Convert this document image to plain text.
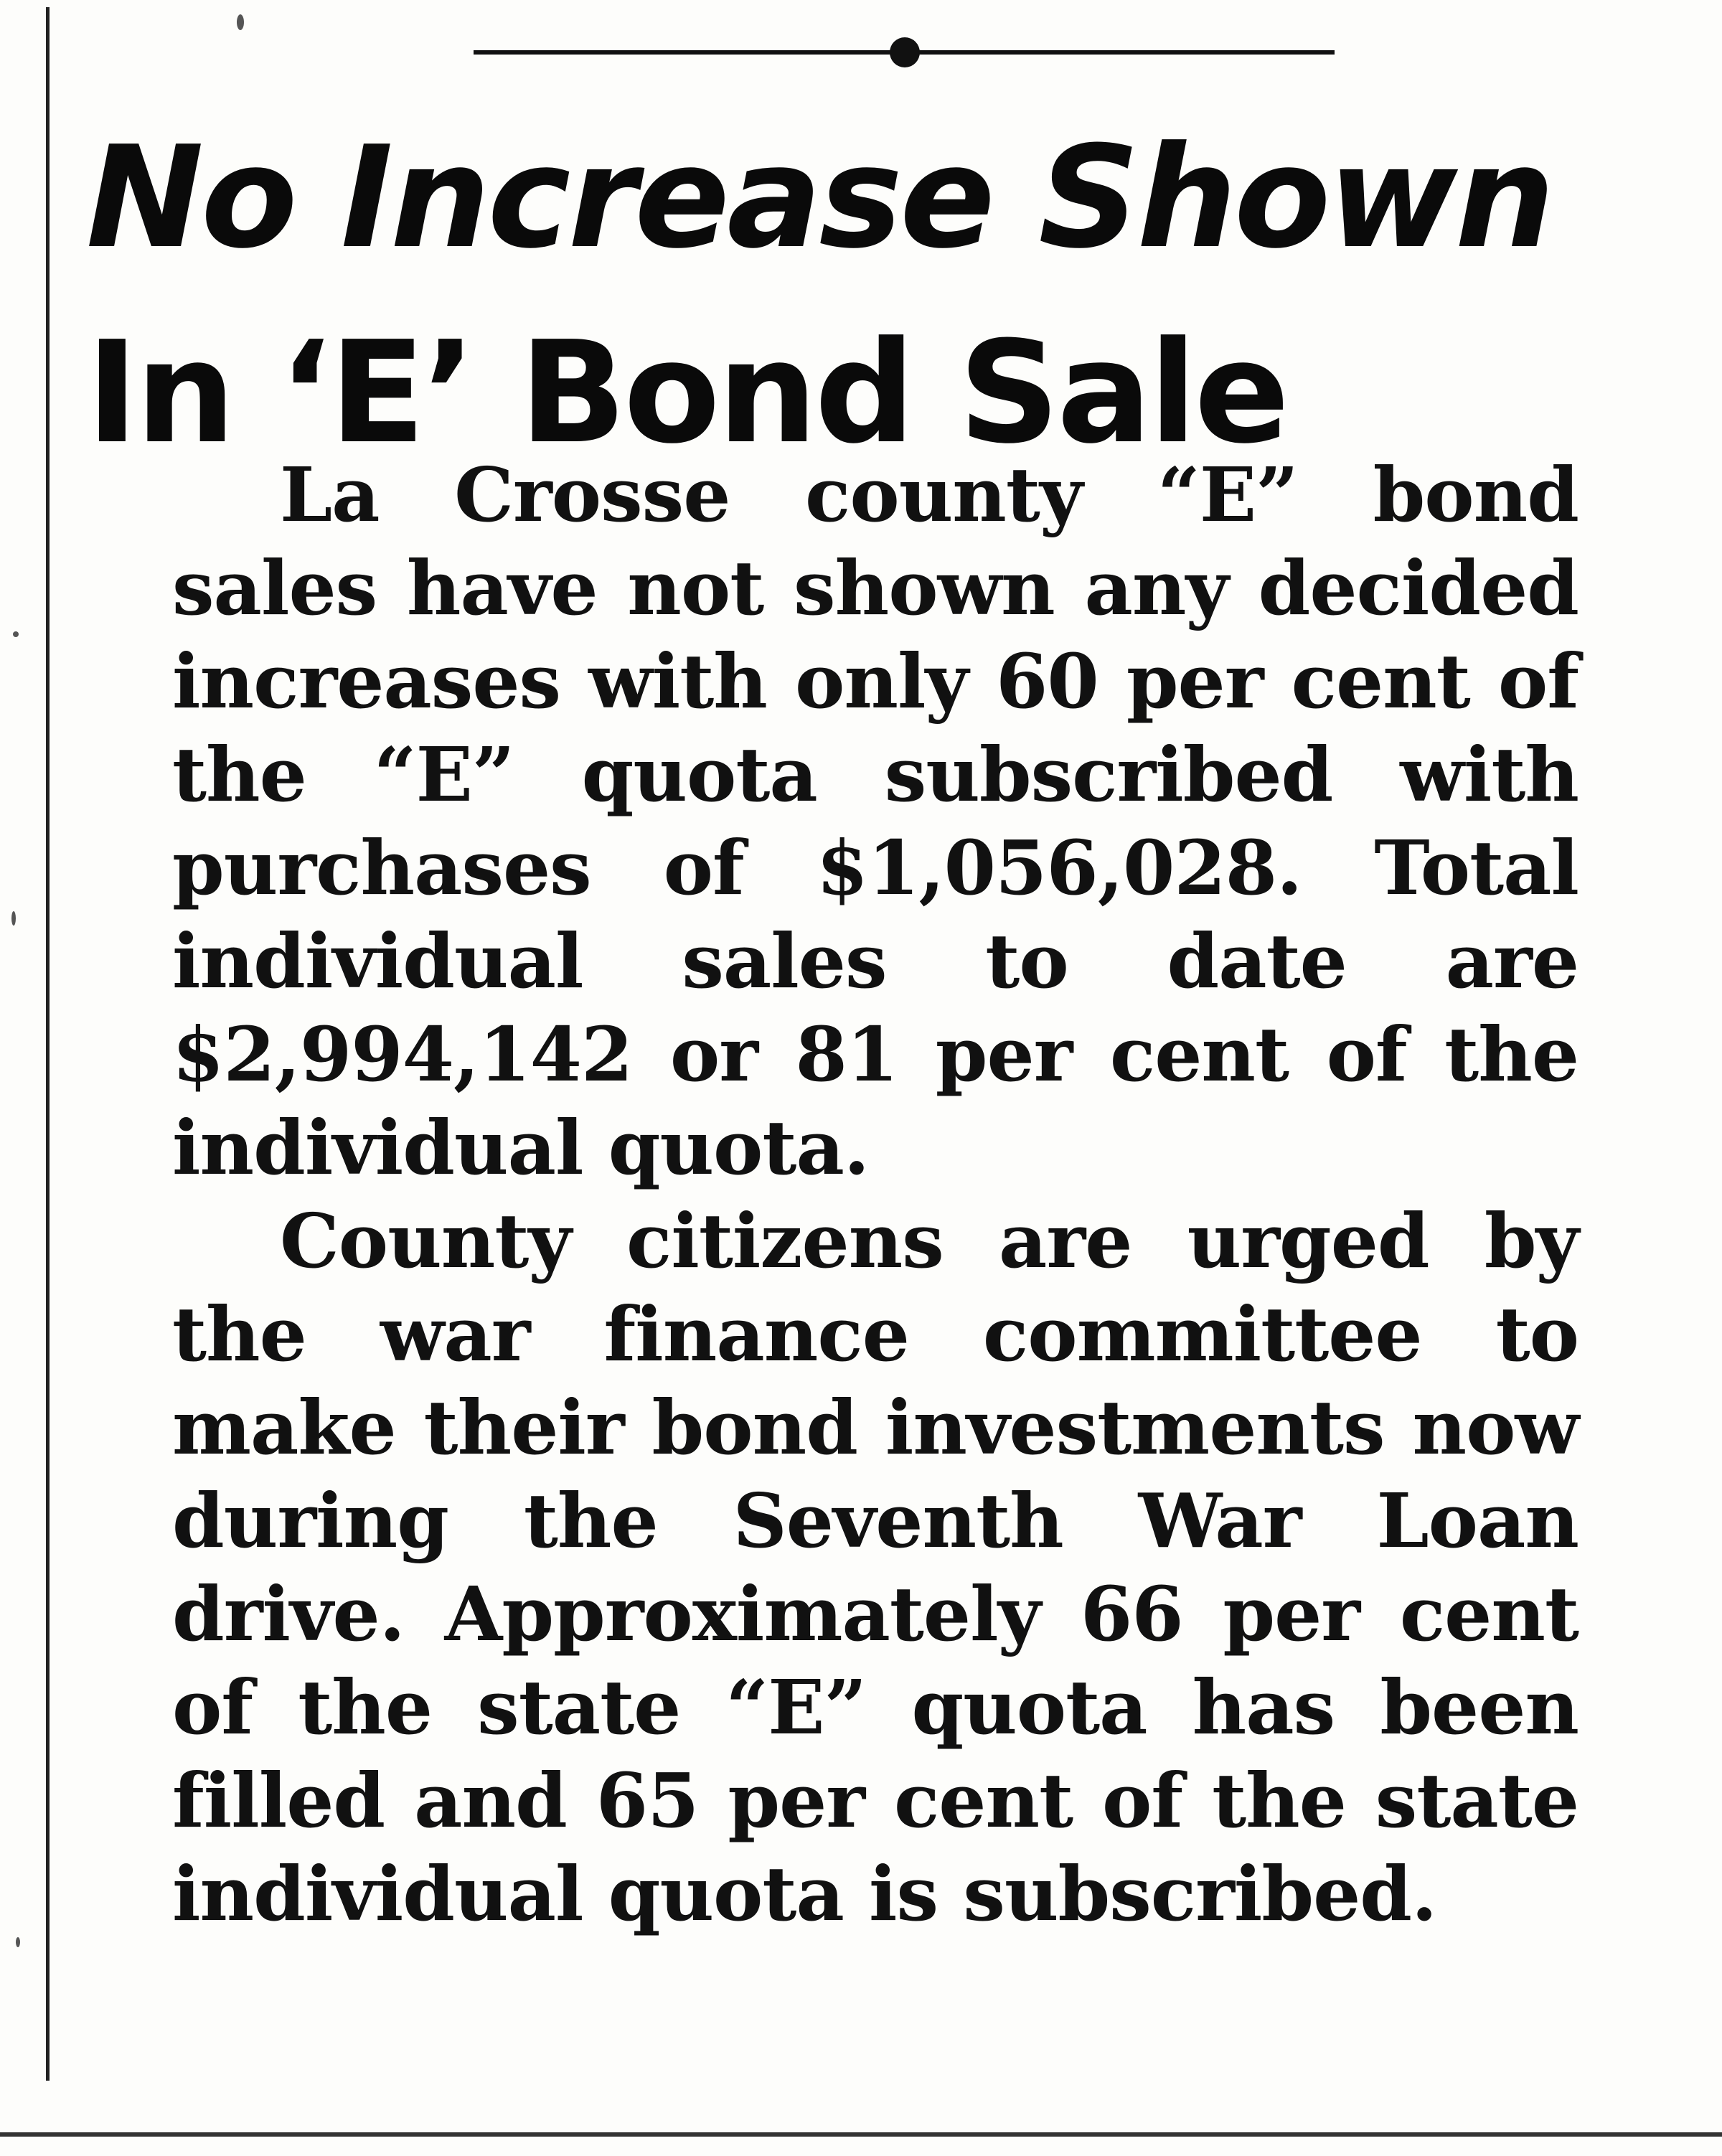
No Increase Shown
In ‘E’ Bond Sale

La Crosse county “E” bond sales have not shown any decided increases with only 60 per cent of the “E” quota subscribed with purchases of $1,056,028. Total individual sales to date are $2,994,142 or 81 per cent of the individual quota.

County citizens are urged by the war finance committee to make their bond investments now during the Seventh War Loan drive. Approximately 66 per cent of the state “E” quota has been filled and 65 per cent of the state individual quota is subscribed.
